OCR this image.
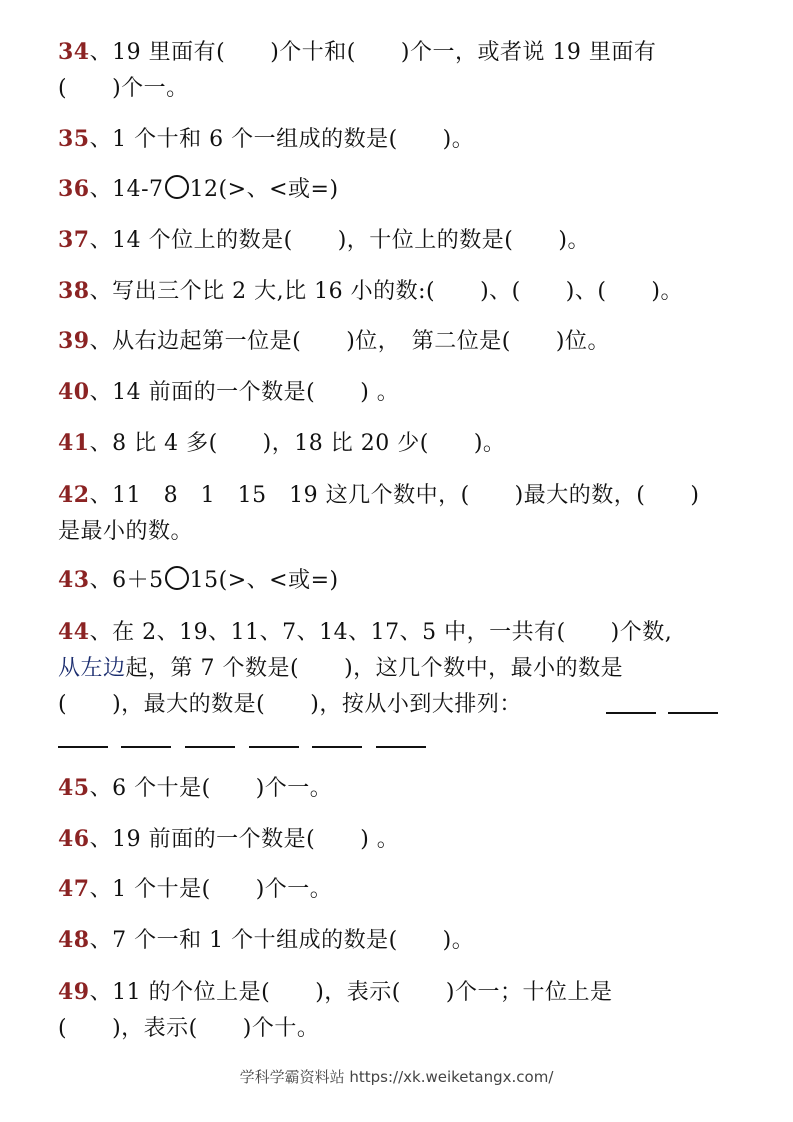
34、19 里面有(　　)个十和(　　)个一，或者说 19 里面有
(　　)个一。
35、1 个十和 6 个一组成的数是(　　)。
36、14-7 12(>、<或=)
37、14 个位上的数是(　　)，十位上的数是(　　)。
38、写出三个比 2 大,比 16 小的数:(　　)、(　　)、(　　)。
39、从右边起第一位是(　　)位，　第二位是(　　)位。
40、14 前面的一个数是(　　) 。
41、8 比 4 多(　　)，18 比 20 少(　　)。
42、11　8　1　15　19 这几个数中，(　　)最大的数，(　　)
是最小的数。
43、6＋5 15(>、<或=)
44、在 2、19、11、7、14、17、5 中，一共有(　　)个数,
从左边起，第 7 个数是(　　)，这几个数中，最小的数是
(　　)，最大的数是(　　)，按从小到大排列：
45、6 个十是(　　)个一。
46、19 前面的一个数是(　　) 。
47、1 个十是(　　)个一。
48、7 个一和 1 个十组成的数是(　　)。
49、11 的个位上是(　　)，表示(　　)个一；十位上是
(　　)，表示(　　)个十。
学科学霸资料站 https://xk.weiketangx.com/
